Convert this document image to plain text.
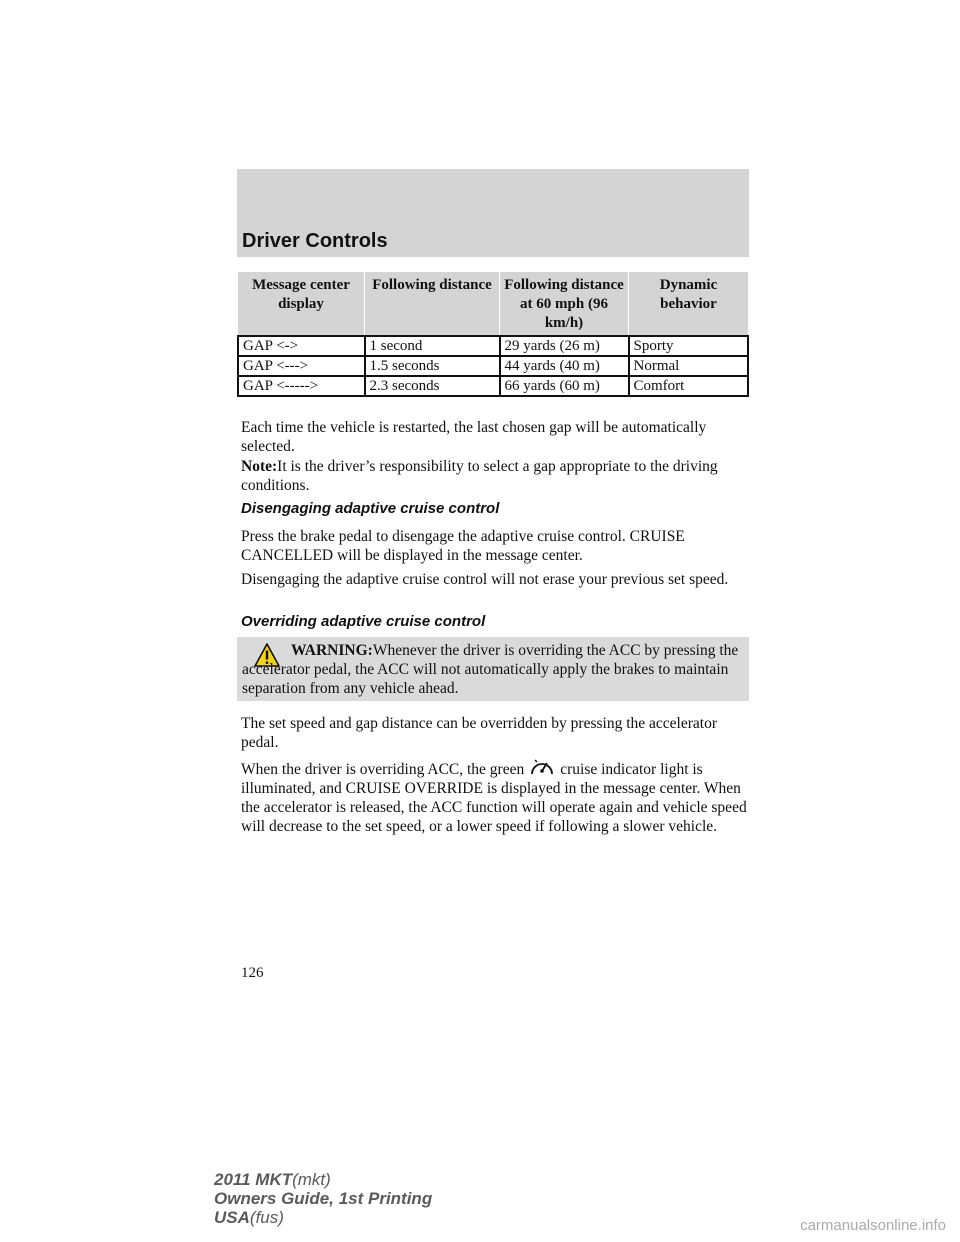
Driver Controls
Message center display	Following distance	Following distance at 60 mph (96 km/h)	Dynamic behavior
GAP <->	1 second	29 yards (26 m)	Sporty
GAP <--->	1.5 seconds	44 yards (40 m)	Normal
GAP <----->	2.3 seconds	66 yards (60 m)	Comfort

Each time the vehicle is restarted, the last chosen gap will be automatically selected.

Note:It is the driver’s responsibility to select a gap appropriate to the driving conditions.

Disengaging adaptive cruise control

Press the brake pedal to disengage the adaptive cruise control. CRUISE CANCELLED will be displayed in the message center.

Disengaging the adaptive cruise control will not erase your previous set speed.

Overriding adaptive cruise control
WARNING:Whenever the driver is overriding the ACC by pressing the accelerator pedal, the ACC will not automatically apply the brakes to maintain separation from any vehicle ahead.

The set speed and gap distance can be overridden by pressing the accelerator pedal.

When the driver is overriding ACC, the green cruise indicator light is illuminated, and CRUISE OVERRIDE is displayed in the message center. When the accelerator is released, the ACC function will operate again and vehicle speed will decrease to the set speed, or a lower speed if following a slower vehicle.

126
2011 MKT(mkt)
Owners Guide, 1st Printing
USA(fus)	carmanualsonline.info
